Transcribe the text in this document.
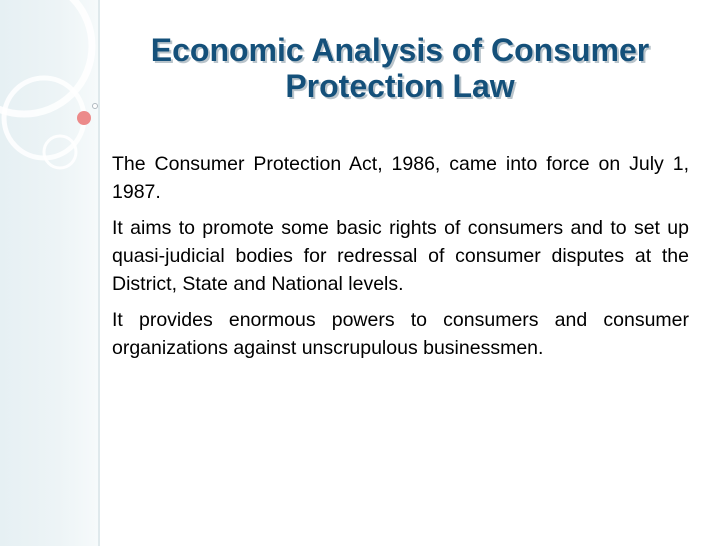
Economic Analysis of Consumer
Protection Law

The Consumer Protection Act, 1986, came into force on July 1, 1987.

It aims to promote some basic rights of consumers and to set up quasi-judicial bodies for redressal of consumer disputes at the District, State and National levels.

It provides enormous powers to consumers and consumer organizations against unscrupulous businessmen.
